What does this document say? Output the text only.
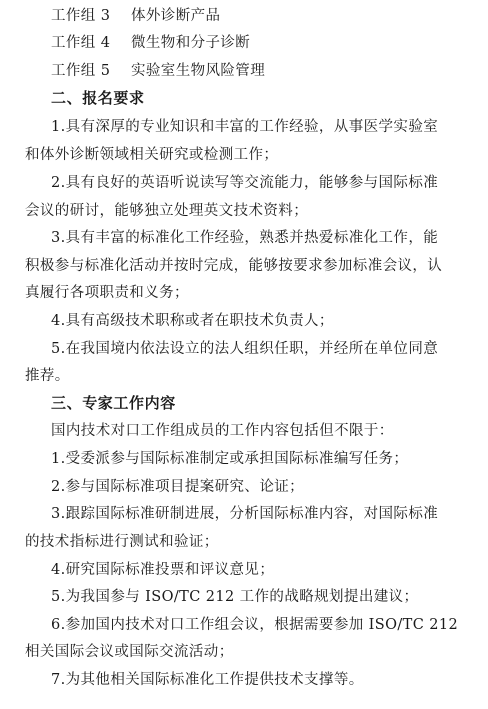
工作组 3 体外诊断产品
工作组 4 微生物和分子诊断
工作组 5 实验室生物风险管理
二、报名要求
1.具有深厚的专业知识和丰富的工作经验，从事医学实验室
和体外诊断领域相关研究或检测工作；
2.具有良好的英语听说读写等交流能力，能够参与国际标准
会议的研讨，能够独立处理英文技术资料；
3.具有丰富的标准化工作经验，熟悉并热爱标准化工作，能
积极参与标准化活动并按时完成，能够按要求参加标准会议，认
真履行各项职责和义务；
4.具有高级技术职称或者在职技术负责人；
5.在我国境内依法设立的法人组织任职，并经所在单位同意
推荐。
三、专家工作内容
国内技术对口工作组成员的工作内容包括但不限于：
1.受委派参与国际标准制定或承担国际标准编写任务；
2.参与国际标准项目提案研究、论证；
3.跟踪国际标准研制进展，分析国际标准内容，对国际标准
的技术指标进行测试和验证；
4.研究国际标准投票和评议意见；
5.为我国参与 ISO/TC 212 工作的战略规划提出建议；
6.参加国内技术对口工作组会议，根据需要参加 ISO/TC 212
相关国际会议或国际交流活动；
7.为其他相关国际标准化工作提供技术支撑等。
